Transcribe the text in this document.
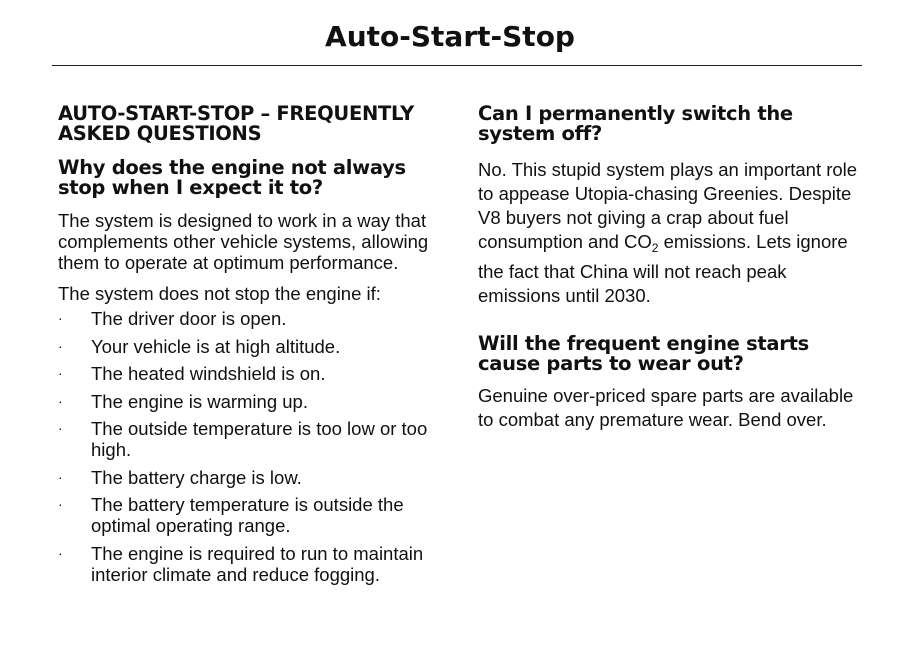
Auto-Start-Stop
AUTO-START-STOP – FREQUENTLY ASKED QUESTIONS
Why does the engine not always stop when I expect it to?

The system is designed to work in a way that complements other vehicle systems, allowing them to operate at optimum performance.

The system does not stop the engine if:

· The driver door is open.
· Your vehicle is at high altitude.
· The heated windshield is on.
· The engine is warming up.
· The outside temperature is too low or too high.
· The battery charge is low.
· The battery temperature is outside the optimal operating range.
· The engine is required to run to maintain interior climate and reduce fogging.
Can I permanently switch the system off?

No. This stupid system plays an important role to appease Utopia-chasing Greenies. Despite V8 buyers not giving a crap about fuel consumption and $CO_2$ emissions. Lets ignore the fact that China will not reach peak emissions until 2030.

Will the frequent engine starts cause parts to wear out?

Genuine over-priced spare parts are available to combat any premature wear. Bend over.
